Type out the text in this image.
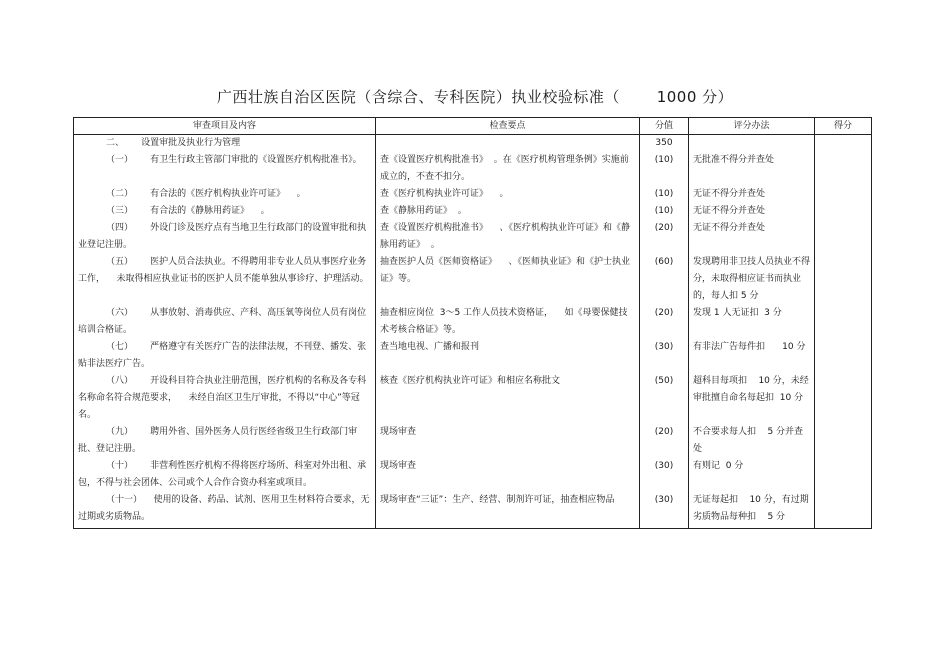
广西壮族自治区医院（含综合、专科医院）执业校验标准（       1000 分）
审查项目及内容	检查要点	分值	评分办法	得分
二、      设置审批及执业行为管理		350		
（一）      有卫生行政主管部门审批的《设置医疗机构批准书》。	查《设置医疗机构批准书》  。在《医疗机构管理条例》实施前成立的，不查不扣分。	(10)	无批准不得分并查处	
（二）      有合法的《医疗机构执业许可证》    。	查《医疗机构执业许可证》    。	(10)	无证不得分并查处	
（三）      有合法的《静脉用药证》    。	查《静脉用药证》  。	(10)	无证不得分并查处	
（四）      外设门诊及医疗点有当地卫生行政部门的设置审批和执业登记注册。	查《设置医疗机构批准书》    、《医疗机构执业许可证》和《静脉用药证》  。	(20)	无证不得分并查处	
（五）      医护人员合法执业。不得聘用非专业人员从事医疗业务工作，    未取得相应执业证书的医护人员不能单独从事诊疗、护理活动。	抽查医护人员《医师资格证》    、《医师执业证》和《护士执业证》等。	(60)	发现聘用非卫技人员执业不得分，未取得相应证书而执业的，每人扣 5 分	
（六）      从事放射、消毒供应、产科、高压氧等岗位人员有岗位培训合格证。	抽查相应岗位  3～5 工作人员技术资格证，    如《母婴保健技术考核合格证》等。	(20)	发现 1 人无证扣  3 分	
（七）      严格遵守有关医疗广告的法律法规，不刊登、播发、张贴非法医疗广告。	查当地电视、广播和报刊	(30)	有非法广告每件扣      10 分	
（八）      开设科目符合执业注册范围，医疗机构的名称及各专科名称命名符合规范要求，    未经自治区卫生厅审批，不得以“中心”等冠名。	核查《医疗机构执业许可证》和相应名称批文	(50)	超科目每项扣    10 分，未经审批擅自命名每起扣  10 分	
（九）      聘用外省、国外医务人员行医经省级卫生行政部门审批、登记注册。	现场审查	(20)	不合要求每人扣    5 分并查处	
（十）      非营利性医疗机构不得将医疗场所、科室对外出租、承包，不得与社会团体、公司或个人合作合资办科室或项目。	现场审查	(30)	有则记  0 分	
（十一）    使用的设备、药品、试剂、医用卫生材料符合要求，无过期或劣质物品。	现场审查“三证”：生产、经营、制剂许可证，抽查相应物品	(30)	无证每起扣    10 分，有过期劣质物品每种扣    5 分	
